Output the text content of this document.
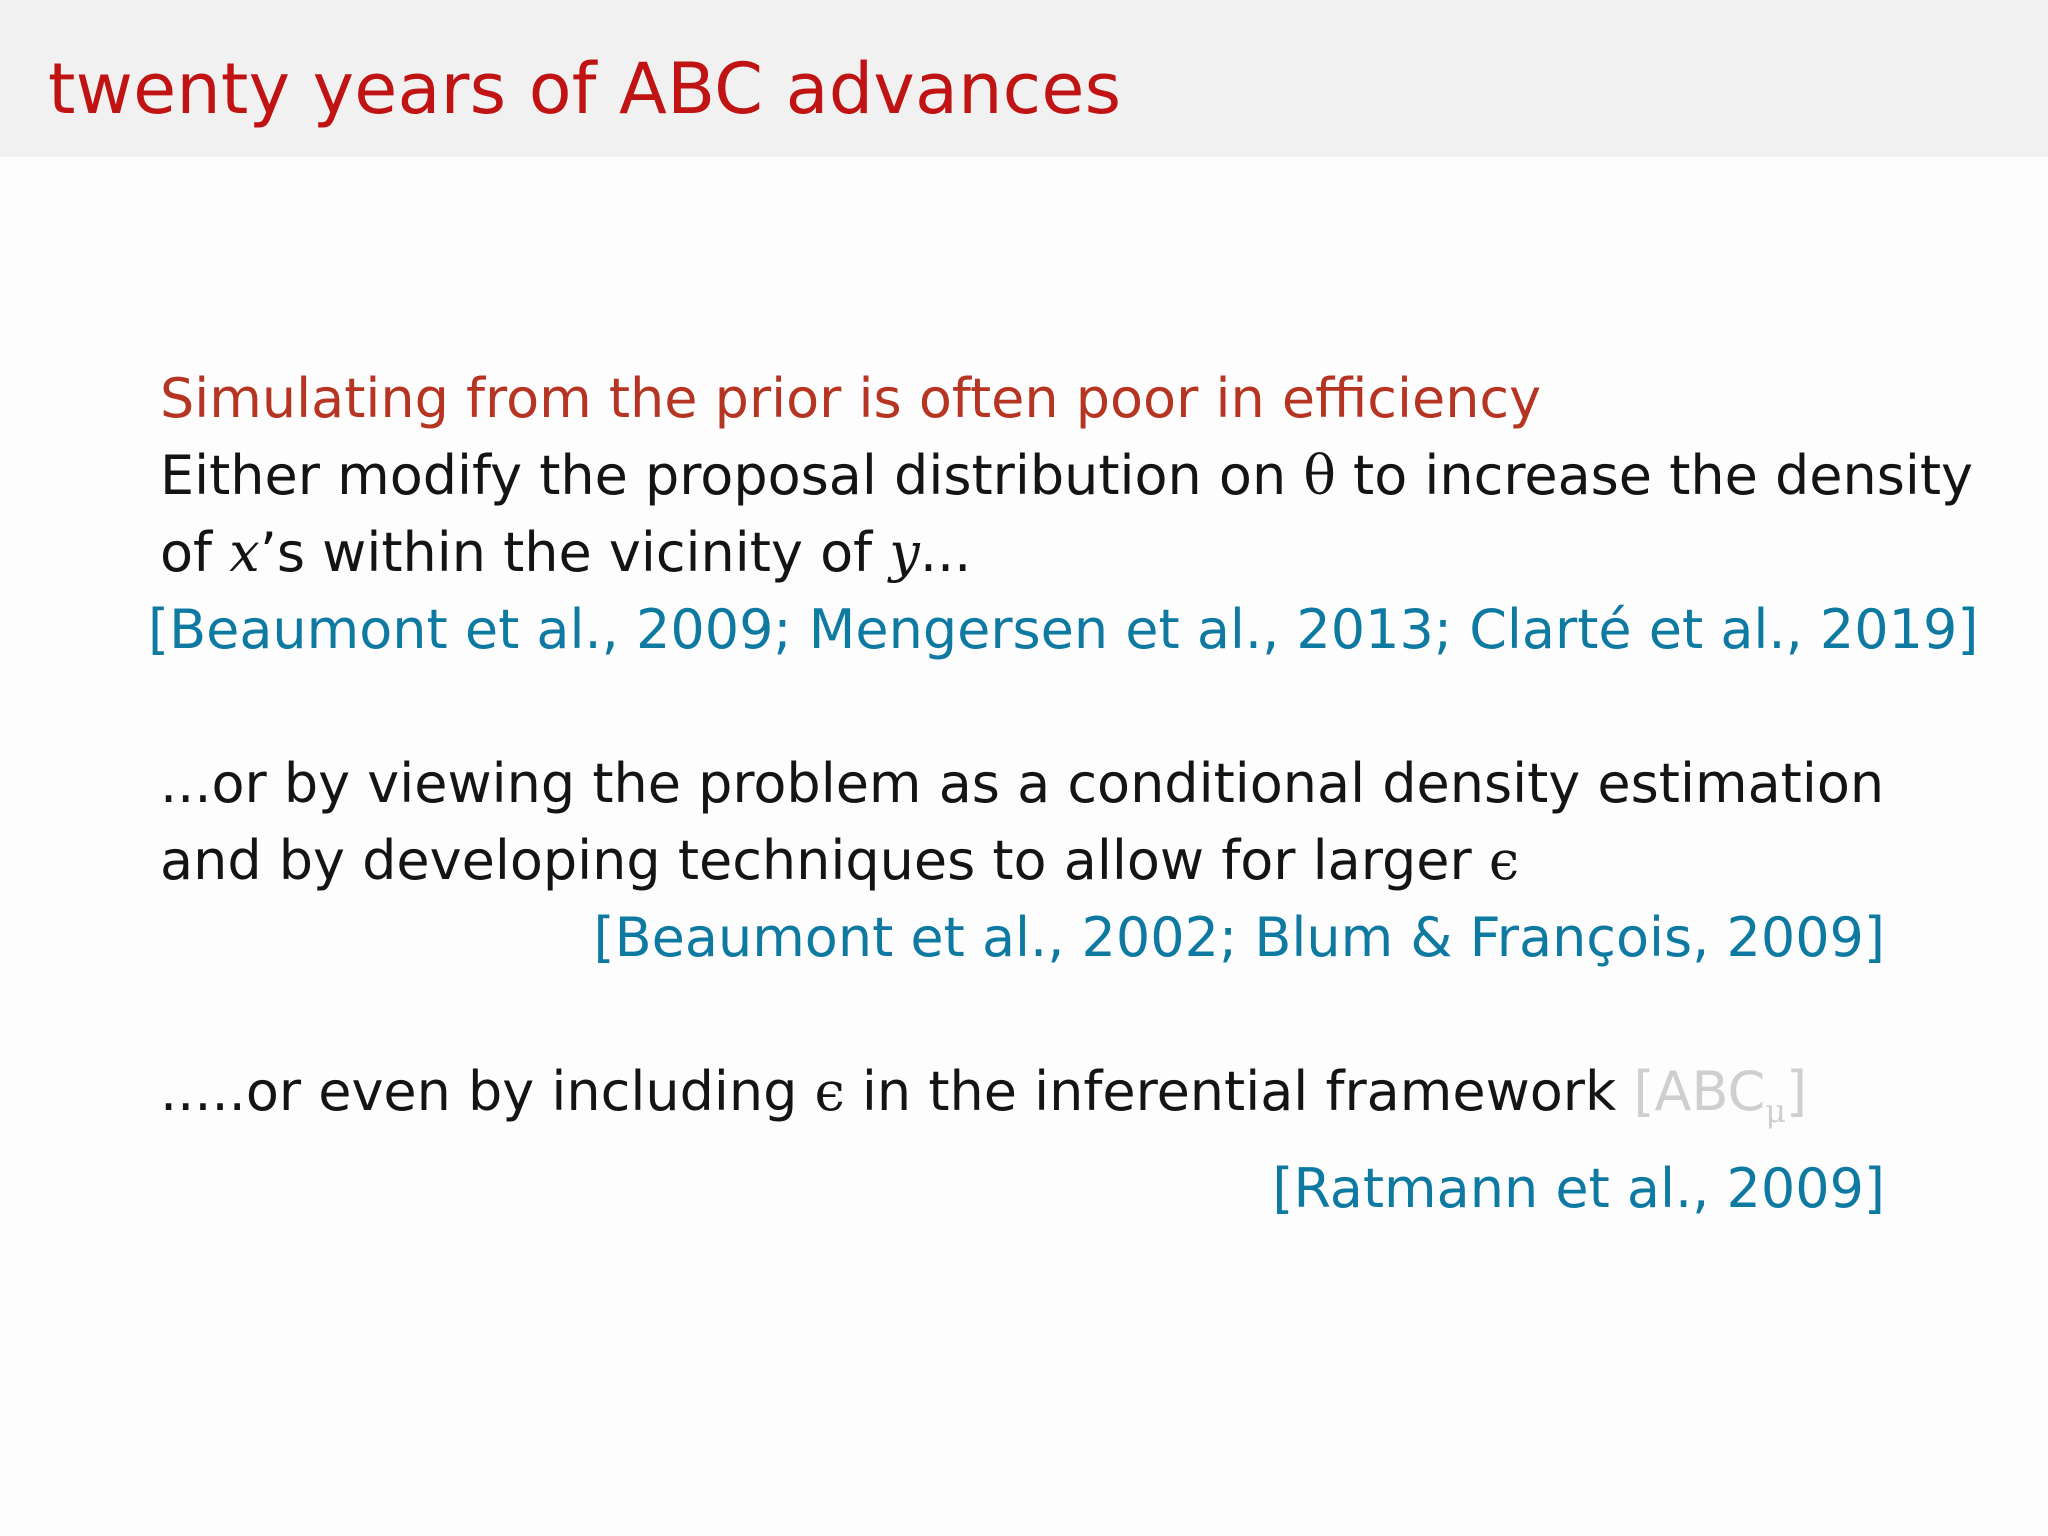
twenty years of ABC advances
Simulating from the prior is often poor in efficiency
Either modify the proposal distribution on θ to increase the density
of x’s within the vicinity of y...
[Beaumont et al., 2009; Mengersen et al., 2013; Clarté et al., 2019]
...or by viewing the problem as a conditional density estimation
and by developing techniques to allow for larger ϵ
[Beaumont et al., 2002; Blum & François, 2009]
.....or even by including ϵ in the inferential framework $[ABC_\mu]$
[Ratmann et al., 2009]
